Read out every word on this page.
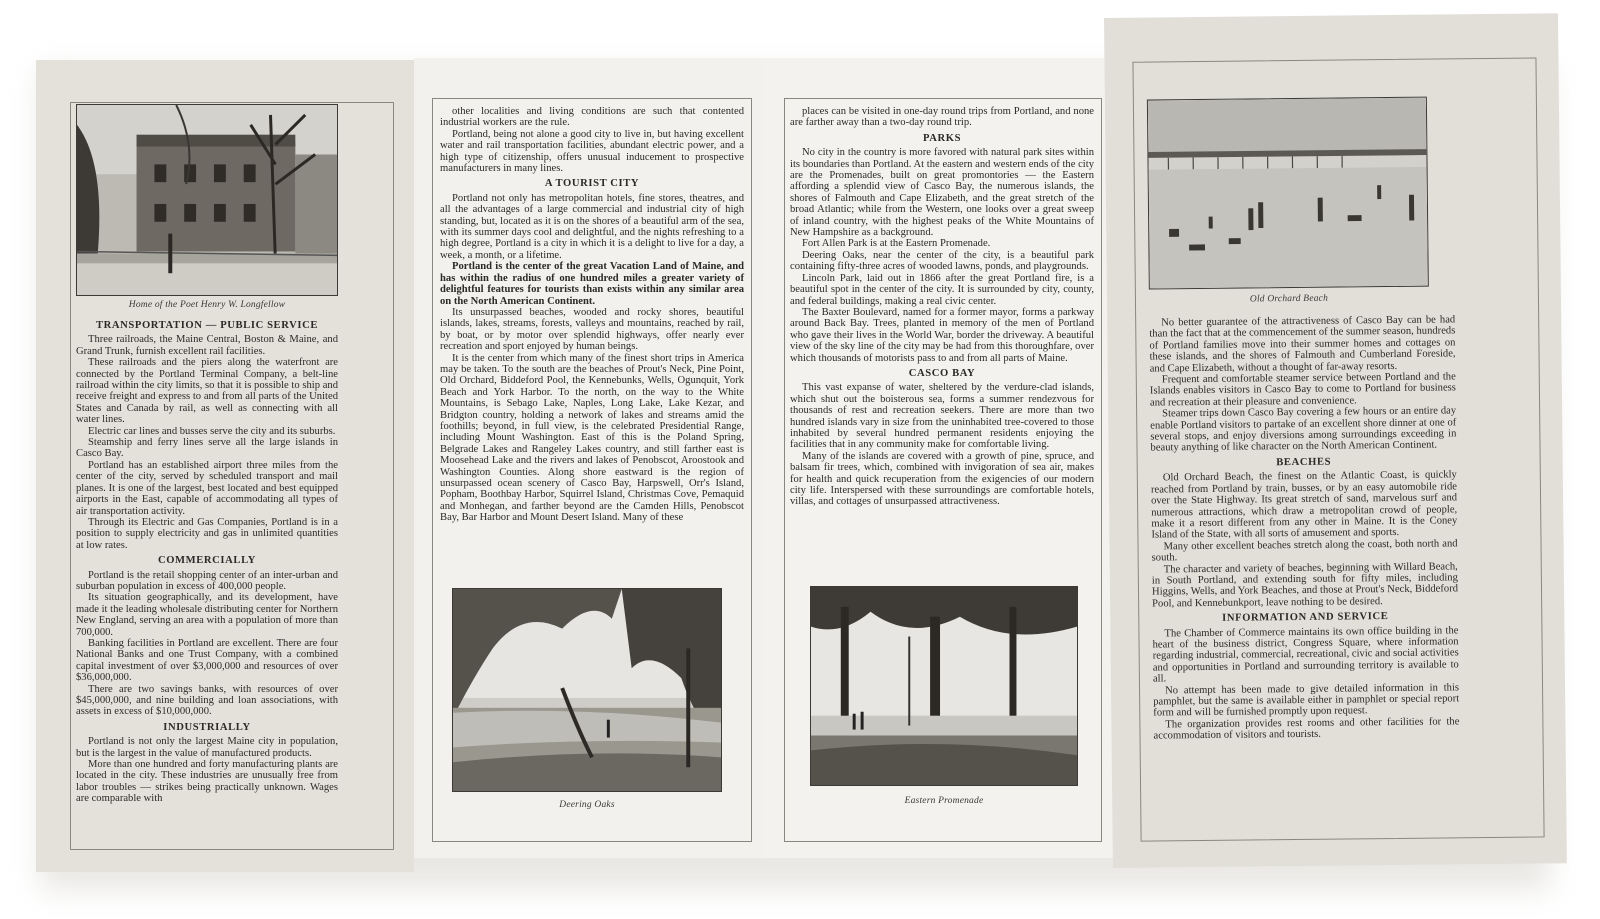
Home of the Poet Henry W. Longfellow
TRANSPORTATION — PUBLIC SERVICE

Three railroads, the Maine Central, Boston & Maine, and Grand Trunk, furnish excellent rail facilities.

These railroads and the piers along the waterfront are connected by the Portland Terminal Company, a belt-line railroad within the city limits, so that it is possible to ship and receive freight and express to and from all parts of the United States and Canada by rail, as well as connecting with all water lines.

Electric car lines and busses serve the city and its suburbs.

Steamship and ferry lines serve all the large islands in Casco Bay.

Portland has an established airport three miles from the center of the city, served by scheduled transport and mail planes. It is one of the largest, best located and best equipped airports in the East, capable of accommodating all types of air transportation activity.

Through its Electric and Gas Companies, Portland is in a position to supply electricity and gas in unlimited quantities at low rates.

COMMERCIALLY

Portland is the retail shopping center of an inter-urban and suburban population in excess of 400,000 people.

Its situation geographically, and its development, have made it the leading wholesale distributing center for Northern New England, serving an area with a population of more than 700,000.

Banking facilities in Portland are excellent. There are four National Banks and one Trust Company, with a combined capital investment of over $3,000,000 and resources of over $36,000,000.

There are two savings banks, with resources of over $45,000,000, and nine building and loan associations, with assets in excess of $10,000,000.

INDUSTRIALLY

Portland is not only the largest Maine city in population, but is the largest in the value of manufactured products.

More than one hundred and forty manufacturing plants are located in the city. These industries are unusually free from labor troubles — strikes being practically unknown. Wages are comparable with

other localities and living conditions are such that contented industrial workers are the rule.

Portland, being not alone a good city to live in, but having excellent water and rail transportation facilities, abundant electric power, and a high type of citizenship, offers unusual inducement to prospective manufacturers in many lines.

A TOURIST CITY

Portland not only has metropolitan hotels, fine stores, theatres, and all the advantages of a large commercial and industrial city of high standing, but, located as it is on the shores of a beautiful arm of the sea, with its summer days cool and delightful, and the nights refreshing to a high degree, Portland is a city in which it is a delight to live for a day, a week, a month, or a lifetime.

Portland is the center of the great Vacation Land of Maine, and has within the radius of one hundred miles a greater variety of delightful features for tourists than exists within any similar area on the North American Continent.

Its unsurpassed beaches, wooded and rocky shores, beautiful islands, lakes, streams, forests, valleys and mountains, reached by rail, by boat, or by motor over splendid highways, offer nearly ever recreation and sport enjoyed by human beings.

It is the center from which many of the finest short trips in America may be taken. To the south are the beaches of Prout's Neck, Pine Point, Old Orchard, Biddeford Pool, the Kennebunks, Wells, Ogunquit, York Beach and York Harbor. To the north, on the way to the White Mountains, is Sebago Lake, Naples, Long Lake, Lake Kezar, and Bridgton country, holding a network of lakes and streams amid the foothills; beyond, in full view, is the celebrated Presidential Range, including Mount Washington. East of this is the Poland Spring, Belgrade Lakes and Rangeley Lakes country, and still farther east is Moosehead Lake and the rivers and lakes of Penobscot, Aroostook and Washington Counties. Along shore eastward is the region of unsurpassed ocean scenery of Casco Bay, Harpswell, Orr's Island, Popham, Boothbay Harbor, Squirrel Island, Christmas Cove, Pemaquid and Monhegan, and farther beyond are the Camden Hills, Penobscot Bay, Bar Harbor and Mount Desert Island. Many of these

Deering Oaks

places can be visited in one-day round trips from Portland, and none are farther away than a two-day round trip.

PARKS

No city in the country is more favored with natural park sites within its boundaries than Portland. At the eastern and western ends of the city are the Promenades, built on great promontories — the Eastern affording a splendid view of Casco Bay, the numerous islands, the shores of Falmouth and Cape Elizabeth, and the great stretch of the broad Atlantic; while from the Western, one looks over a great sweep of inland country, with the highest peaks of the White Mountains of New Hampshire as a background.

Fort Allen Park is at the Eastern Promenade.

Deering Oaks, near the center of the city, is a beautiful park containing fifty-three acres of wooded lawns, ponds, and playgrounds.

Lincoln Park, laid out in 1866 after the great Portland fire, is a beautiful spot in the center of the city. It is surrounded by city, county, and federal buildings, making a real civic center.

The Baxter Boulevard, named for a former mayor, forms a parkway around Back Bay. Trees, planted in memory of the men of Portland who gave their lives in the World War, border the driveway. A beautiful view of the sky line of the city may be had from this thoroughfare, over which thousands of motorists pass to and from all parts of Maine.

CASCO BAY

This vast expanse of water, sheltered by the verdure-clad islands, which shut out the boisterous sea, forms a summer rendezvous for thousands of rest and recreation seekers. There are more than two hundred islands vary in size from the uninhabited tree-covered to those inhabited by several hundred permanent residents enjoying the facilities that in any community make for comfortable living.

Many of the islands are covered with a growth of pine, spruce, and balsam fir trees, which, combined with invigoration of sea air, makes for health and quick recuperation from the exigencies of our modern city life. Interspersed with these surroundings are comfortable hotels, villas, and cottages of unsurpassed attractiveness.

Eastern Promenade
Old Orchard Beach

No better guarantee of the attractiveness of Casco Bay can be had than the fact that at the commencement of the summer season, hundreds of Portland families move into their summer homes and cottages on these islands, and the shores of Falmouth and Cumberland Foreside, and Cape Elizabeth, without a thought of far-away resorts.

Frequent and comfortable steamer service between Portland and the Islands enables visitors in Casco Bay to come to Portland for business and recreation at their pleasure and convenience.

Steamer trips down Casco Bay covering a few hours or an entire day enable Portland visitors to partake of an excellent shore dinner at one of several stops, and enjoy diversions among surroundings exceeding in beauty anything of like character on the North American Continent.

BEACHES

Old Orchard Beach, the finest on the Atlantic Coast, is quickly reached from Portland by train, busses, or by an easy automobile ride over the State Highway. Its great stretch of sand, marvelous surf and numerous attractions, which draw a metropolitan crowd of people, make it a resort different from any other in Maine. It is the Coney Island of the State, with all sorts of amusement and sports.

Many other excellent beaches stretch along the coast, both north and south.

The character and variety of beaches, beginning with Willard Beach, in South Portland, and extending south for fifty miles, including Higgins, Wells, and York Beaches, and those at Prout's Neck, Biddeford Pool, and Kennebunkport, leave nothing to be desired.

INFORMATION AND SERVICE

The Chamber of Commerce maintains its own office building in the heart of the business district, Congress Square, where information regarding industrial, commercial, recreational, civic and social activities and opportunities in Portland and surrounding territory is available to all.

No attempt has been made to give detailed information in this pamphlet, but the same is available either in pamphlet or special report form and will be furnished promptly upon request.

The organization provides rest rooms and other facilities for the accommodation of visitors and tourists.
